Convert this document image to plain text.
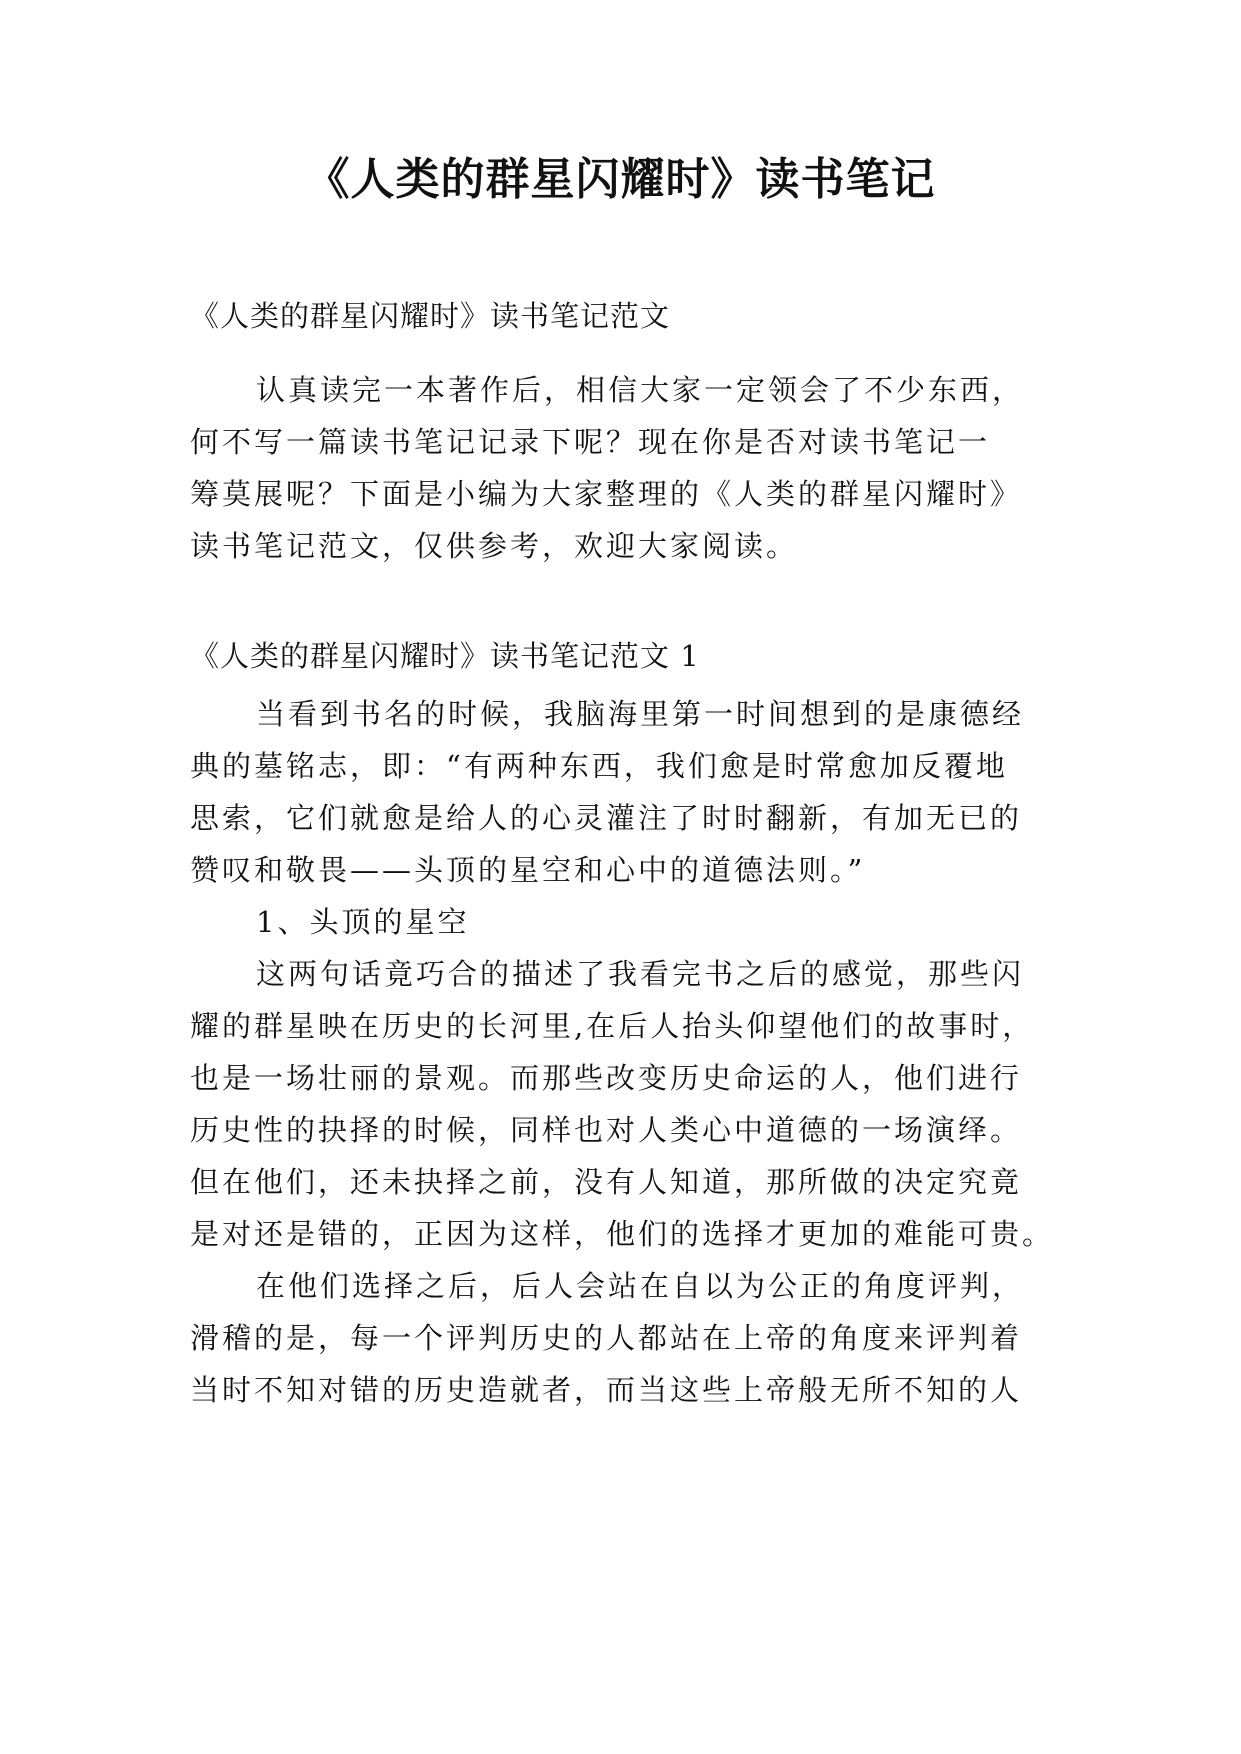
《人类的群星闪耀时》读书笔记
《人类的群星闪耀时》读书笔记范文
认真读完一本著作后，相信大家一定领会了不少东西，
何不写一篇读书笔记记录下呢？现在你是否对读书笔记一
筹莫展呢？下面是小编为大家整理的《人类的群星闪耀时》
读书笔记范文，仅供参考，欢迎大家阅读。
《人类的群星闪耀时》读书笔记范文 1
当看到书名的时候，我脑海里第一时间想到的是康德经
典的墓铭志，即：“有两种东西，我们愈是时常愈加反覆地
思索，它们就愈是给人的心灵灌注了时时翻新，有加无已的
赞叹和敬畏——头顶的星空和心中的道德法则。”
1、头顶的星空
这两句话竟巧合的描述了我看完书之后的感觉，那些闪
耀的群星映在历史的长河里,在后人抬头仰望他们的故事时，
也是一场壮丽的景观。而那些改变历史命运的人，他们进行
历史性的抉择的时候，同样也对人类心中道德的一场演绎。
但在他们，还未抉择之前，没有人知道，那所做的决定究竟
是对还是错的，正因为这样，他们的选择才更加的难能可贵。
在他们选择之后，后人会站在自以为公正的角度评判，
滑稽的是，每一个评判历史的人都站在上帝的角度来评判着
当时不知对错的历史造就者，而当这些上帝般无所不知的人
